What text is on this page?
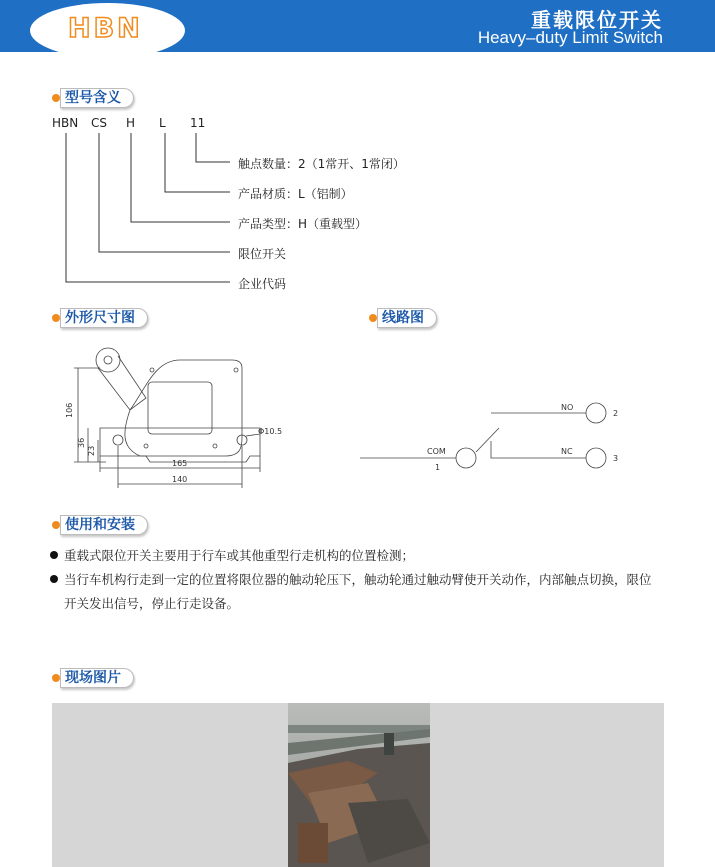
HBN	重载限位开关
Heavy–duty Limit Switch
型号含义
HBN CS H L 11
触点数量：2（1常开、1常闭）
产品材质：L（铝制）
产品类型：H（重载型）
限位开关
企业代码
外形尺寸图	线路图
106
36
23
165
140
Φ10.5
NO
2
NC
3
COM
1
使用和安装
重载式限位开关主要用于行车或其他重型行走机构的位置检测；
当行车机构行走到一定的位置将限位器的触动轮压下，触动轮通过触动臂使开关动作，内部触点切换，限位
开关发出信号，停止行走设备。
现场图片
